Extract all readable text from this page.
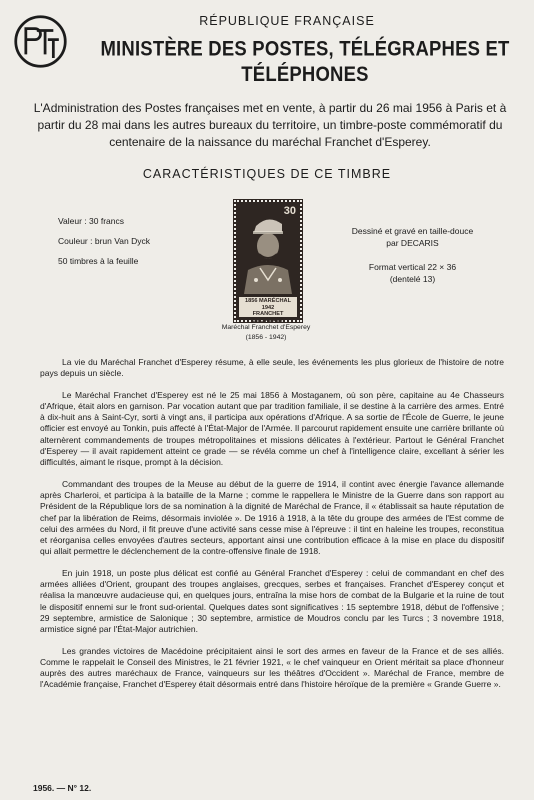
RÉPUBLIQUE FRANÇAISE
MINISTÈRE DES POSTES, TÉLÉGRAPHES ET TÉLÉPHONES
L'Administration des Postes françaises met en vente, à partir du 26 mai 1956 à Paris et à partir du 28 mai dans les autres bureaux du territoire, un timbre-poste commémoratif du centenaire de la naissance du maréchal Franchet d'Esperey.
CARACTÉRISTIQUES DE CE TIMBRE
Valeur : 30 francs
Couleur : brun Van Dyck
50 timbres à la feuille
30
1856 MARÉCHAL 1942
FRANCHET d'ESPEREY
Maréchal Franchet d'Esperey
(1856 - 1942)
Dessiné et gravé en taille-douce
par DECARIS
Format vertical 22 × 36
(dentelé 13)

La vie du Maréchal Franchet d'Esperey résume, à elle seule, les événements les plus glorieux de l'histoire de notre pays depuis un siècle.

Le Maréchal Franchet d'Esperey est né le 25 mai 1856 à Mostaganem, où son père, capitaine au 4e Chasseurs d'Afrique, était alors en garnison. Par vocation autant que par tradition familiale, il se destine à la carrière des armes. Entré à dix-huit ans à Saint-Cyr, sorti à vingt ans, il participa aux opérations d'Afrique. A sa sortie de l'École de Guerre, le jeune officier est envoyé au Tonkin, puis affecté à l'État-Major de l'Armée. Il parcourut rapidement ensuite une carrière brillante où alternèrent commandements de troupes métropolitaines et missions délicates à l'extérieur. Partout le Général Franchet d'Esperey — il avait rapidement atteint ce grade — se révéla comme un chef à l'intelligence claire, excellant à sérier les difficultés, aimant le risque, prompt à la décision.

Commandant des troupes de la Meuse au début de la guerre de 1914, il contint avec énergie l'avance allemande après Charleroi, et participa à la bataille de la Marne ; comme le rappellera le Ministre de la Guerre dans son rapport au Président de la République lors de sa nomination à la dignité de Maréchal de France, il « établissait sa haute réputation de chef par la libération de Reims, désormais inviolée ». De 1916 à 1918, à la tête du groupe des armées de l'Est comme de celui des armées du Nord, il fit preuve d'une activité sans cesse mise à l'épreuve : il tint en haleine les troupes, reconstitua et réorganisa celles envoyées d'autres secteurs, apportant ainsi une contribution efficace à la mise en place du dispositif qui allait permettre le déclenchement de la contre-offensive finale de 1918.

En juin 1918, un poste plus délicat est confié au Général Franchet d'Esperey : celui de commandant en chef des armées alliées d'Orient, groupant des troupes anglaises, grecques, serbes et françaises. Franchet d'Esperey conçut et réalisa la manœuvre audacieuse qui, en quelques jours, entraîna la mise hors de combat de la Bulgarie et la ruine de tout le dispositif ennemi sur le front sud-oriental. Quelques dates sont significatives : 15 septembre 1918, début de l'offensive ; 29 septembre, armistice de Salonique ; 30 septembre, armistice de Moudros conclu par les Turcs ; 3 novembre 1918, armistice signé par l'État-Major autrichien.

Les grandes victoires de Macédoine précipitaient ainsi le sort des armes en faveur de la France et de ses alliés. Comme le rappelait le Conseil des Ministres, le 21 février 1921, « le chef vainqueur en Orient méritait sa place d'honneur auprès des autres maréchaux de France, vainqueurs sur les théâtres d'Occident ». Maréchal de France, membre de l'Académie française, Franchet d'Esperey était désormais entré dans l'histoire héroïque de la première « Grande Guerre ».

1956. — N° 12.
